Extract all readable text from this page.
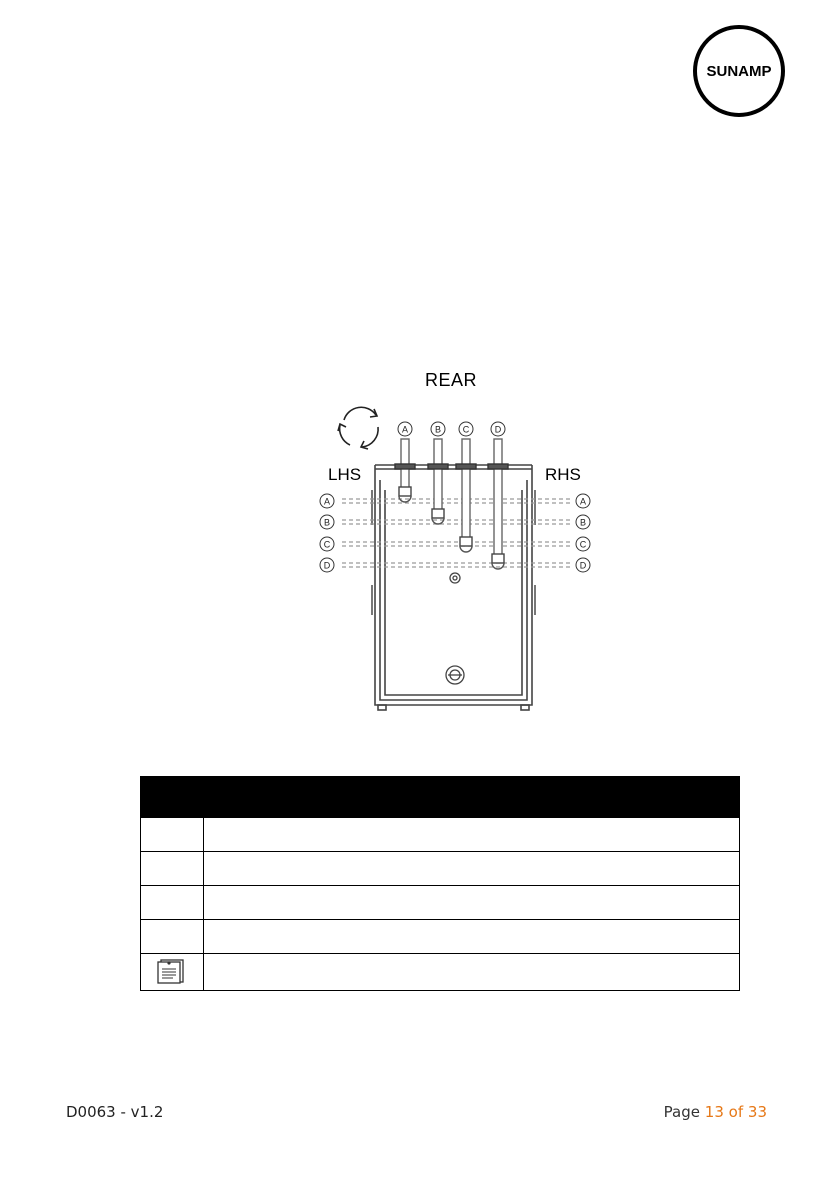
SUNAMP
REAR
LHS	RHS
A
A	A
B
B	B
C
C	C
D
D	D

D0063 - v1.2	Page 13 of 33
